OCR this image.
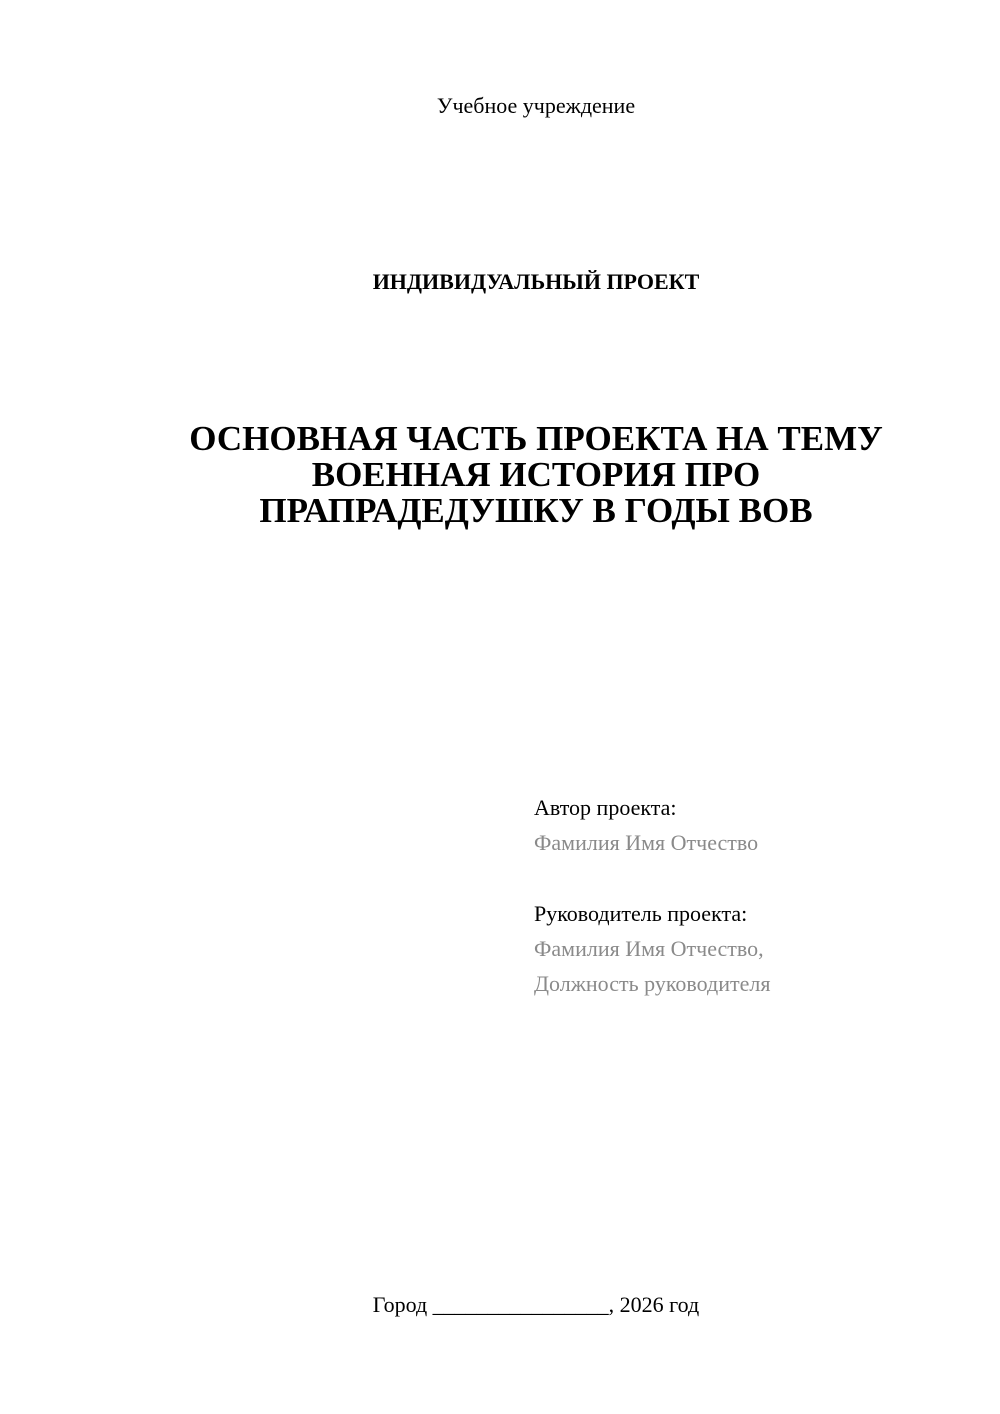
Учебное учреждение
ИНДИВИДУАЛЬНЫЙ ПРОЕКТ
ОСНОВНАЯ ЧАСТЬ ПРОЕКТА НА ТЕМУ
ВОЕННАЯ ИСТОРИЯ ПРО
ПРАПРАДЕДУШКУ В ГОДЫ ВОВ
Автор проекта:
Фамилия Имя Отчество
Руководитель проекта:
Фамилия Имя Отчество,
Должность руководителя
Город ________________, 2026 год
